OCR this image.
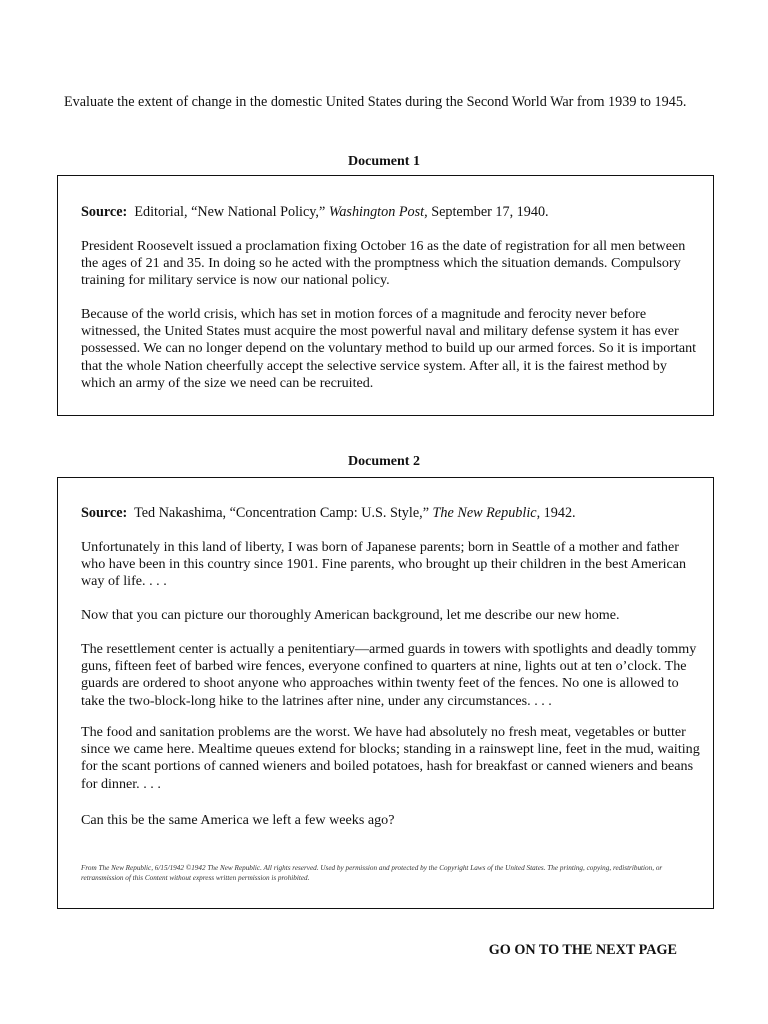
Evaluate the extent of change in the domestic United States during the Second World War from 1939 to 1945.
Document 1
Source: Editorial, “New National Policy,” Washington Post, September 17, 1940.
President Roosevelt issued a proclamation fixing October 16 as the date of registration for all men between the ages of 21 and 35. In doing so he acted with the promptness which the situation demands. Compulsory training for military service is now our national policy.
Because of the world crisis, which has set in motion forces of a magnitude and ferocity never before witnessed, the United States must acquire the most powerful naval and military defense system it has ever possessed. We can no longer depend on the voluntary method to build up our armed forces. So it is important that the whole Nation cheerfully accept the selective service system. After all, it is the fairest method by which an army of the size we need can be recruited.
Document 2
Source: Ted Nakashima, “Concentration Camp: U.S. Style,” The New Republic, 1942.
Unfortunately in this land of liberty, I was born of Japanese parents; born in Seattle of a mother and father who have been in this country since 1901. Fine parents, who brought up their children in the best American way of life. . . .
Now that you can picture our thoroughly American background, let me describe our new home.
The resettlement center is actually a penitentiary—armed guards in towers with spotlights and deadly tommy guns, fifteen feet of barbed wire fences, everyone confined to quarters at nine, lights out at ten o’clock. The guards are ordered to shoot anyone who approaches within twenty feet of the fences. No one is allowed to take the two-block-long hike to the latrines after nine, under any circumstances. . . .
The food and sanitation problems are the worst. We have had absolutely no fresh meat, vegetables or butter since we came here. Mealtime queues extend for blocks; standing in a rainswept line, feet in the mud, waiting for the scant portions of canned wieners and boiled potatoes, hash for breakfast or canned wieners and beans for dinner. . . .
Can this be the same America we left a few weeks ago?
From The New Republic, 6/15/1942 ©1942 The New Republic. All rights reserved. Used by permission and protected by the Copyright Laws of the United States. The printing, copying, redistribution, or retransmission of this Content without express written permission is prohibited.
GO ON TO THE NEXT PAGE
